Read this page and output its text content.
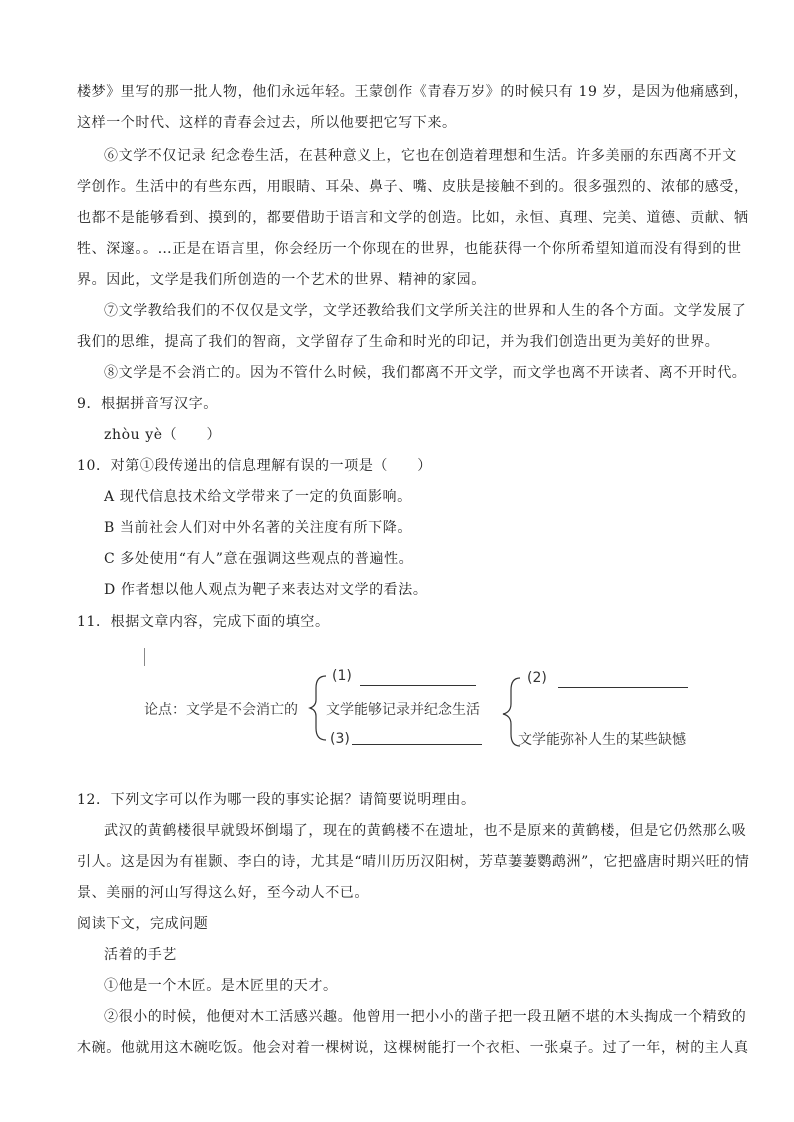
楼梦》里写的那一批人物，他们永远年轻。王蒙创作《青春万岁》的时候只有 19 岁，是因为他痛感到，
这样一个时代、这样的青春会过去，所以他要把它写下来。
⑥文学不仅记录 纪念卷生活，在甚种意义上，它也在创造着理想和生活。许多美丽的东西离不开文
学创作。生活中的有些东西，用眼睛、耳朵、鼻子、嘴、皮肤是接触不到的。很多强烈的、浓郁的感受，
也都不是能够看到、摸到的，都要借助于语言和文学的创造。比如，永恒、真理、完美、道德、贡献、牺
牲、深邃。。…正是在语言里，你会经历一个你现在的世界，也能获得一个你所希望知道而没有得到的世
界。因此，文学是我们所创造的一个艺术的世界、精神的家园。
⑦文学教给我们的不仅仅是文学，文学还教给我们文学所关注的世界和人生的各个方面。文学发展了
我们的思维，提高了我们的智商，文学留存了生命和时光的印记，并为我们创造出更为美好的世界。
⑧文学是不会消亡的。因为不管什么时候，我们都离不开文学，而文学也离不开读者、离不开时代。
9．根据拼音写汉字。
zhòu yè（　　）
10．对第①段传递出的信息理解有误的一项是（　　）
A 现代信息技术给文学带来了一定的负面影响。
B 当前社会人们对中外名著的关注度有所下降。
C 多处使用“有人”意在强调这些观点的普遍性。
D 作者想以他人观点为靶子来表达对文学的看法。
11．根据文章内容，完成下面的填空。
论点：文学是不会消亡的
(1)
文学能够记录并纪念生活
(3)
(2)
文学能弥补人生的某些缺憾
12．下列文字可以作为哪一段的事实论据？请简要说明理由。
武汉的黄鹤楼很早就毁坏倒塌了，现在的黄鹤楼不在遗址，也不是原来的黄鹤楼，但是它仍然那么吸
引人。这是因为有崔颢、李白的诗，尤其是“晴川历历汉阳树，芳草萋萋鹦鹉洲”，它把盛唐时期兴旺的情
景、美丽的河山写得这么好，至今动人不已。
阅读下文，完成问题
活着的手艺
①他是一个木匠。是木匠里的天才。
②很小的时候，他便对木工活感兴趣。他曾用一把小小的凿子把一段丑陋不堪的木头掏成一个精致的
木碗。他就用这木碗吃饭。他会对着一棵树说，这棵树能打一个衣柜、一张桌子。过了一年，树的主人真
